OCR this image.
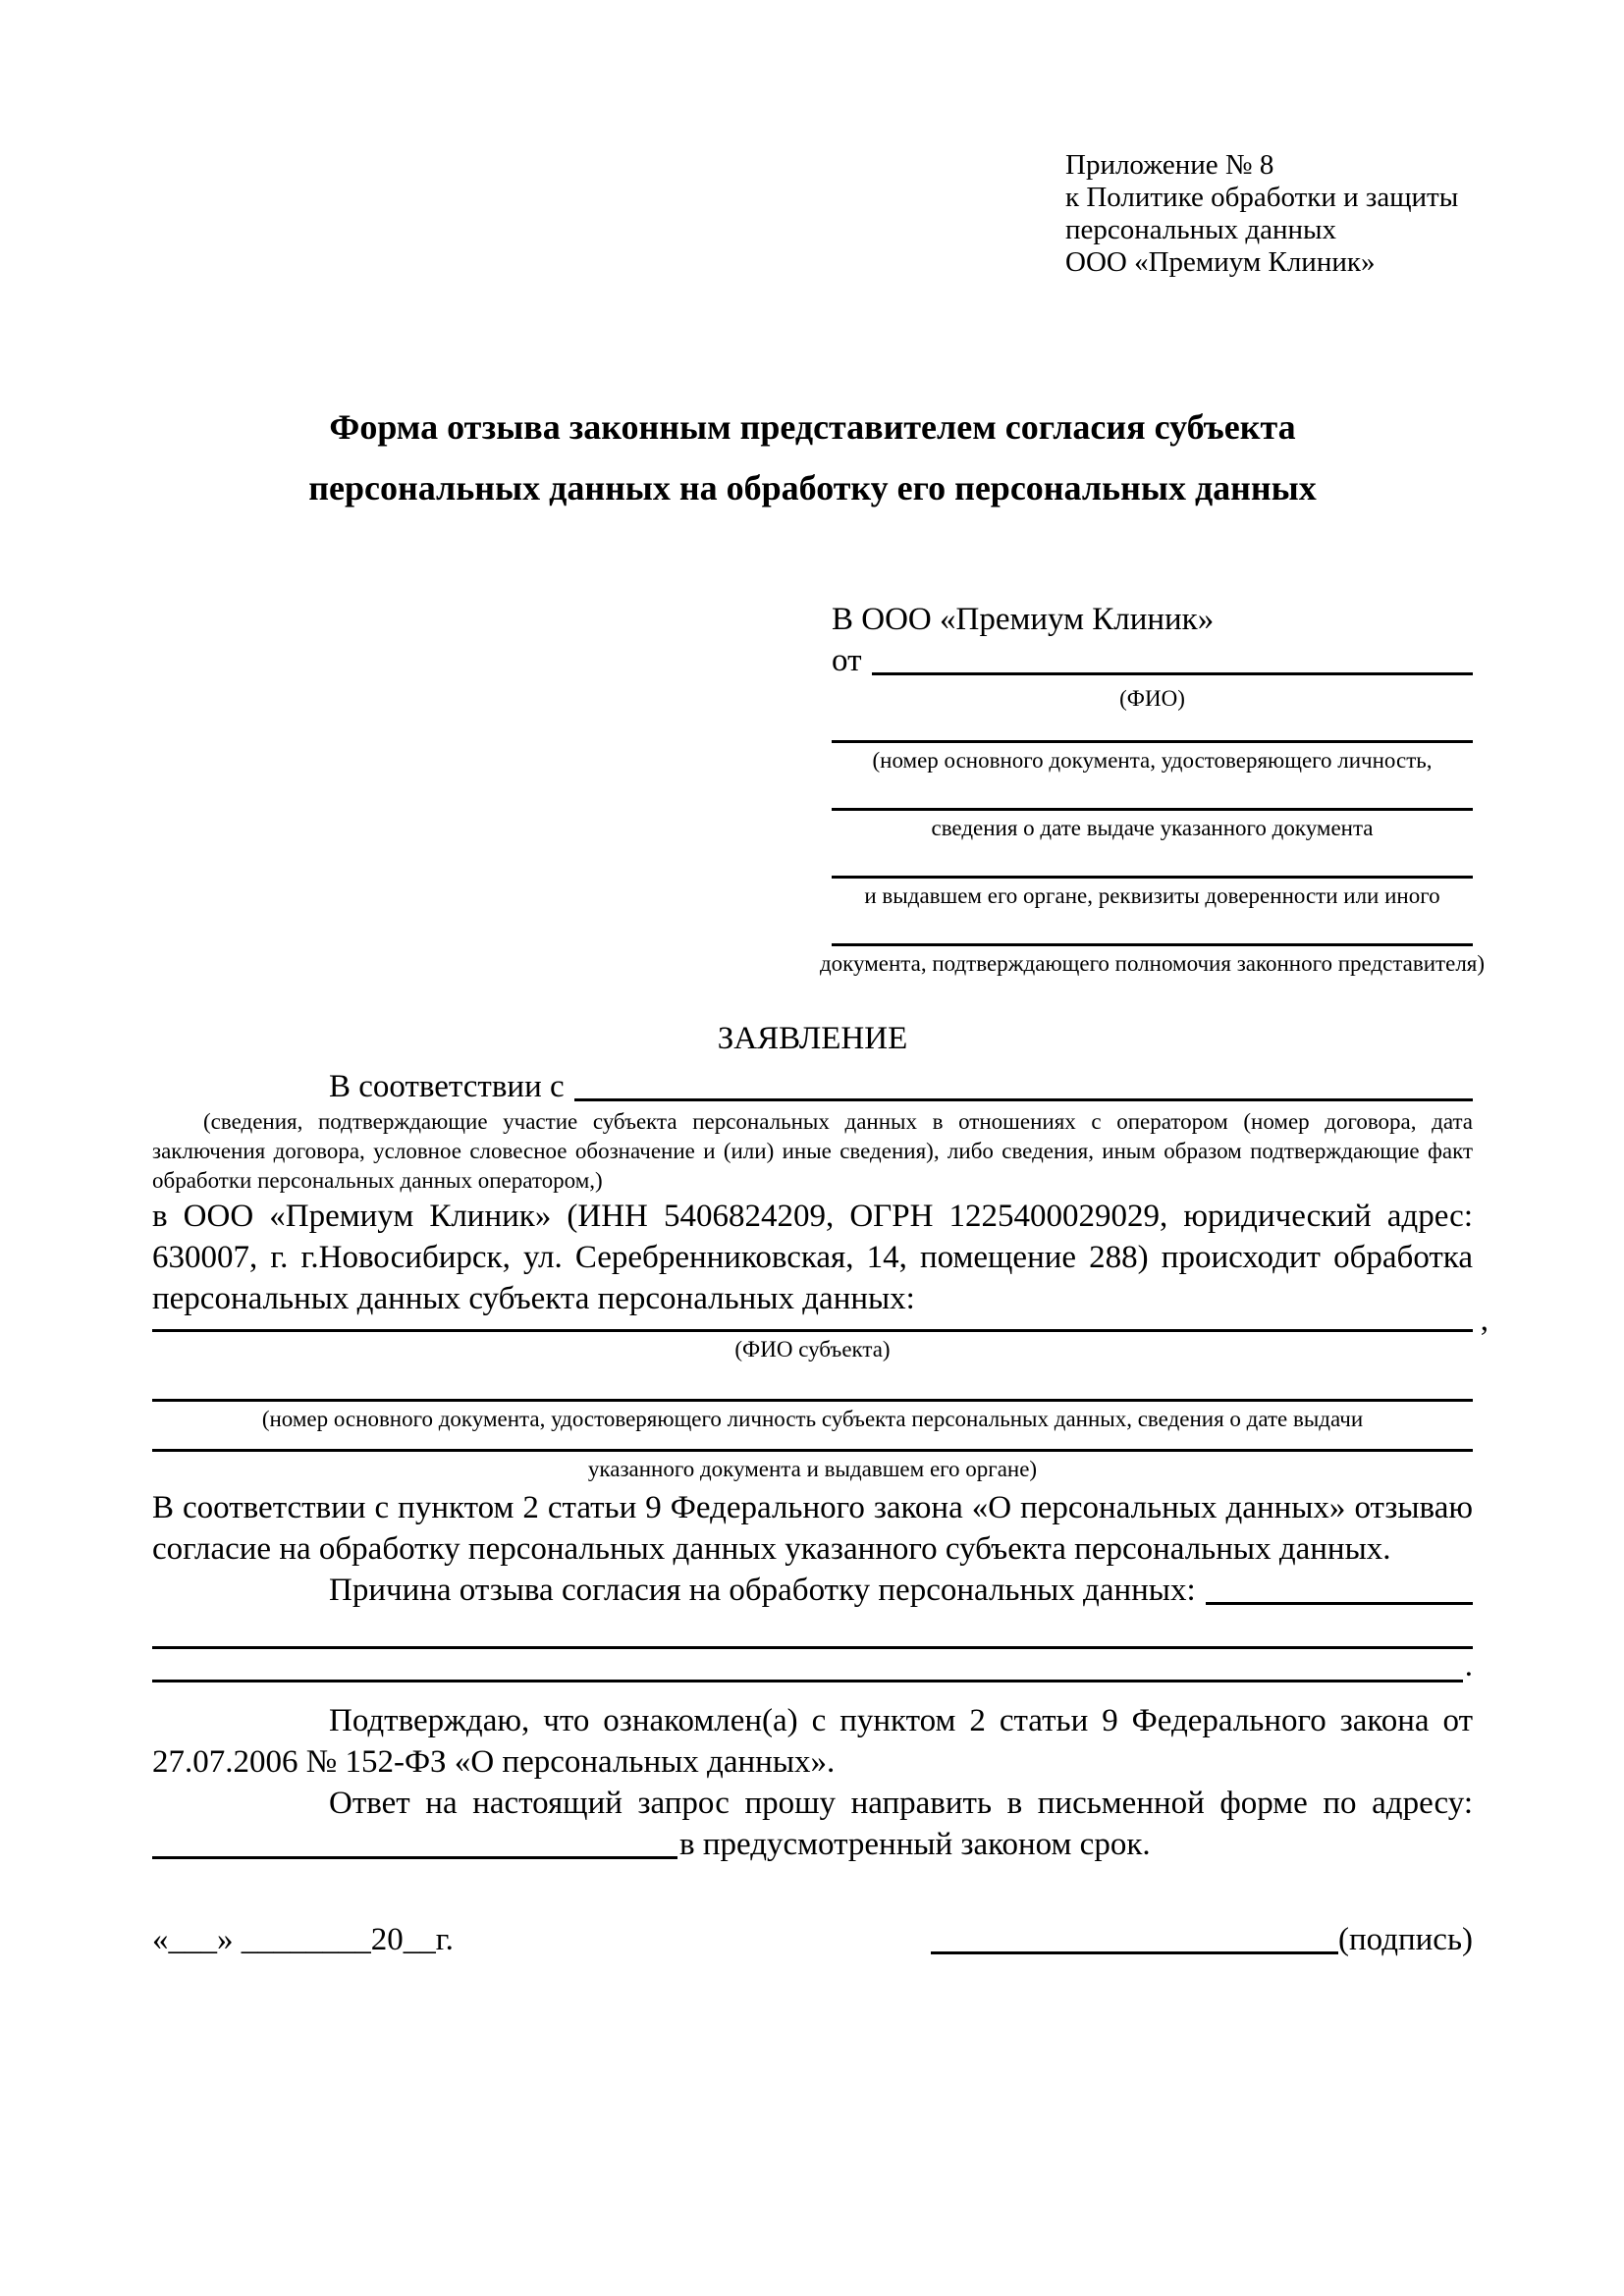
Приложение № 8
к Политике обработки и защиты
персональных данных
ООО «Премиум Клиник»
Форма отзыва законным представителем согласия субъекта персональных данных на обработку его персональных данных
В ООО «Премиум Клиник»
от
(ФИО)
(номер основного документа, удостоверяющего личность,
сведения о дате выдаче указанного документа
и выдавшем его органе, реквизиты доверенности или иного
документа, подтверждающего полномочия законного представителя)
ЗАЯВЛЕНИЕ
В соответствии с
(сведения, подтверждающие участие субъекта персональных данных в отношениях с оператором (номер договора, дата
заключения договора, условное словесное обозначение и (или) иные сведения), либо сведения, иным образом подтверждающие факт
обработки персональных данных оператором,)
в ООО «Премиум Клиник» (ИНН 5406824209, ОГРН 1225400029029, юридический адрес: 630007, г. г.Новосибирск, ул. Серебренниковская, 14, помещение 288) происходит обработка персональных данных субъекта персональных данных:
,
(ФИО субъекта)
(номер основного документа, удостоверяющего личность субъекта персональных данных, сведения о дате выдачи
указанного документа и выдавшем его органе)
В соответствии с пунктом 2 статьи 9 Федерального закона «О персональных данных» отзываю согласие на обработку персональных данных указанного субъекта персональных данных.
Причина отзыва согласия на обработку персональных данных:
.
Подтверждаю, что ознакомлен(а) с пунктом 2 статьи 9 Федерального закона от 27.07.2006 № 152-ФЗ «О персональных данных».
Ответ на настоящий запрос прошу направить в письменной форме по адресу:
в предусмотренный законом срок.
«___» ________20__г.	(подпись)
